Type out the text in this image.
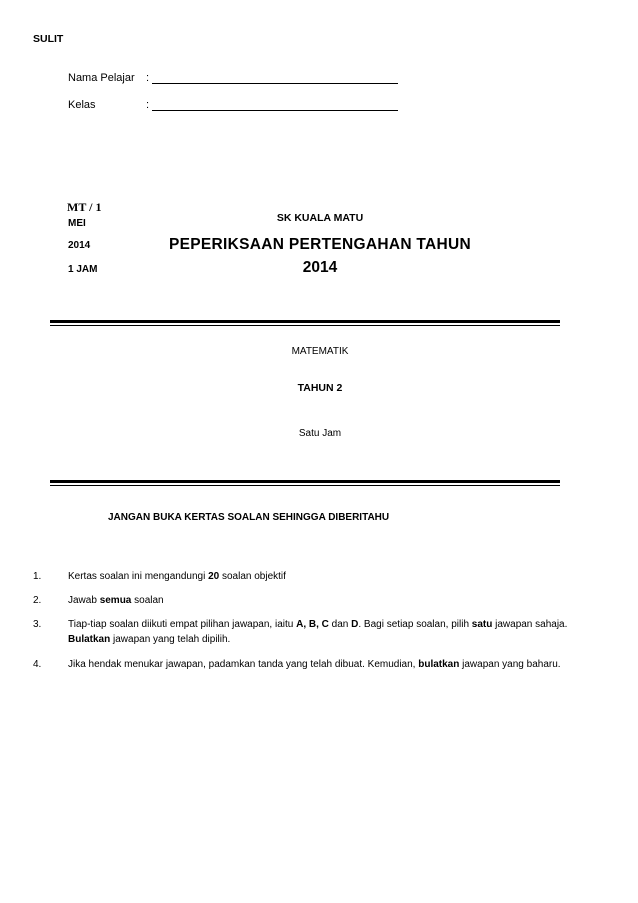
SULIT
Nama Pelajar :
Kelas	:
MT / 1
MEI
2014
1 JAM
SK KUALA MATU
PEPERIKSAAN PERTENGAHAN TAHUN
2014
MATEMATIK
TAHUN 2
Satu Jam
JANGAN BUKA KERTAS SOALAN SEHINGGA DIBERITAHU
1.	Kertas soalan ini mengandungi 20 soalan objektif
2.	Jawab semua soalan
3.	Tiap-tiap soalan diikuti empat pilihan jawapan, iaitu A, B, C dan D. Bagi setiap soalan, pilih satu jawapan sahaja. Bulatkan jawapan yang telah dipilih.
4.	Jika hendak menukar jawapan, padamkan tanda yang telah dibuat. Kemudian, bulatkan jawapan yang baharu.
